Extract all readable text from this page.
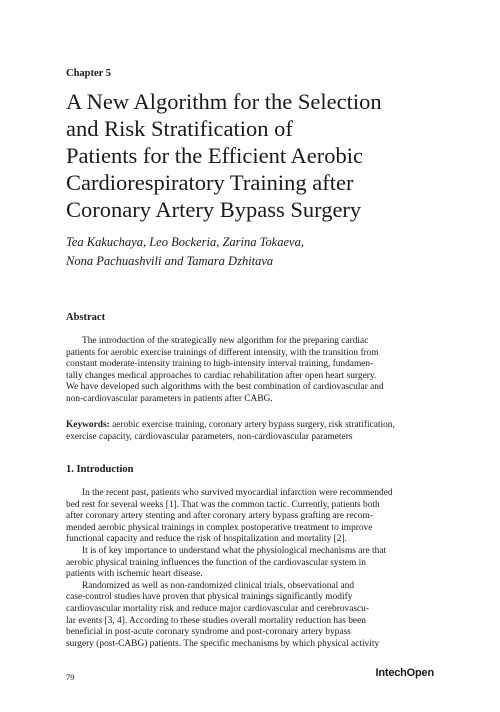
Chapter 5
A New Algorithm for the Selection
and Risk Stratification of
Patients for the Efficient Aerobic
Cardiorespiratory Training after
Coronary Artery Bypass Surgery
Tea Kakuchaya, Leo Bockeria, Zarina Tokaeva,
Nona Pachuashvili and Tamara Dzhitava
Abstract
The introduction of the strategically new algorithm for the preparing cardiac
patients for aerobic exercise trainings of different intensity, with the transition from
constant moderate-intensity training to high-intensity interval training, fundamen-
tally changes medical approaches to cardiac rehabilitation after open heart surgery.
We have developed such algorithms with the best combination of cardiovascular and
non-cardiovascular parameters in patients after CABG.
Keywords: aerobic exercise training, coronary artery bypass surgery, risk stratification,
exercise capacity, cardiovascular parameters, non-cardiovascular parameters
1. Introduction
In the recent past, patients who survived myocardial infarction were recommended
bed rest for several weeks [1]. That was the common tactic. Currently, patients both
after coronary artery stenting and after coronary artery bypass grafting are recom-
mended aerobic physical trainings in complex postoperative treatment to improve
functional capacity and reduce the risk of hospitalization and mortality [2].
It is of key importance to understand what the physiological mechanisms are that
aerobic physical training influences the function of the cardiovascular system in
patients with ischemic heart disease.
Randomized as well as non-randomized clinical trials, observational and
case-control studies have proven that physical trainings significantly modify
cardiovascular mortality risk and reduce major cardiovascular and cerebrovascu-
lar events [3, 4]. According to these studies overall mortality reduction has been
beneficial in post-acute coronary syndrome and post-coronary artery bypass
surgery (post-CABG) patients. The specific mechanisms by which physical activity
79	IntechOpen
